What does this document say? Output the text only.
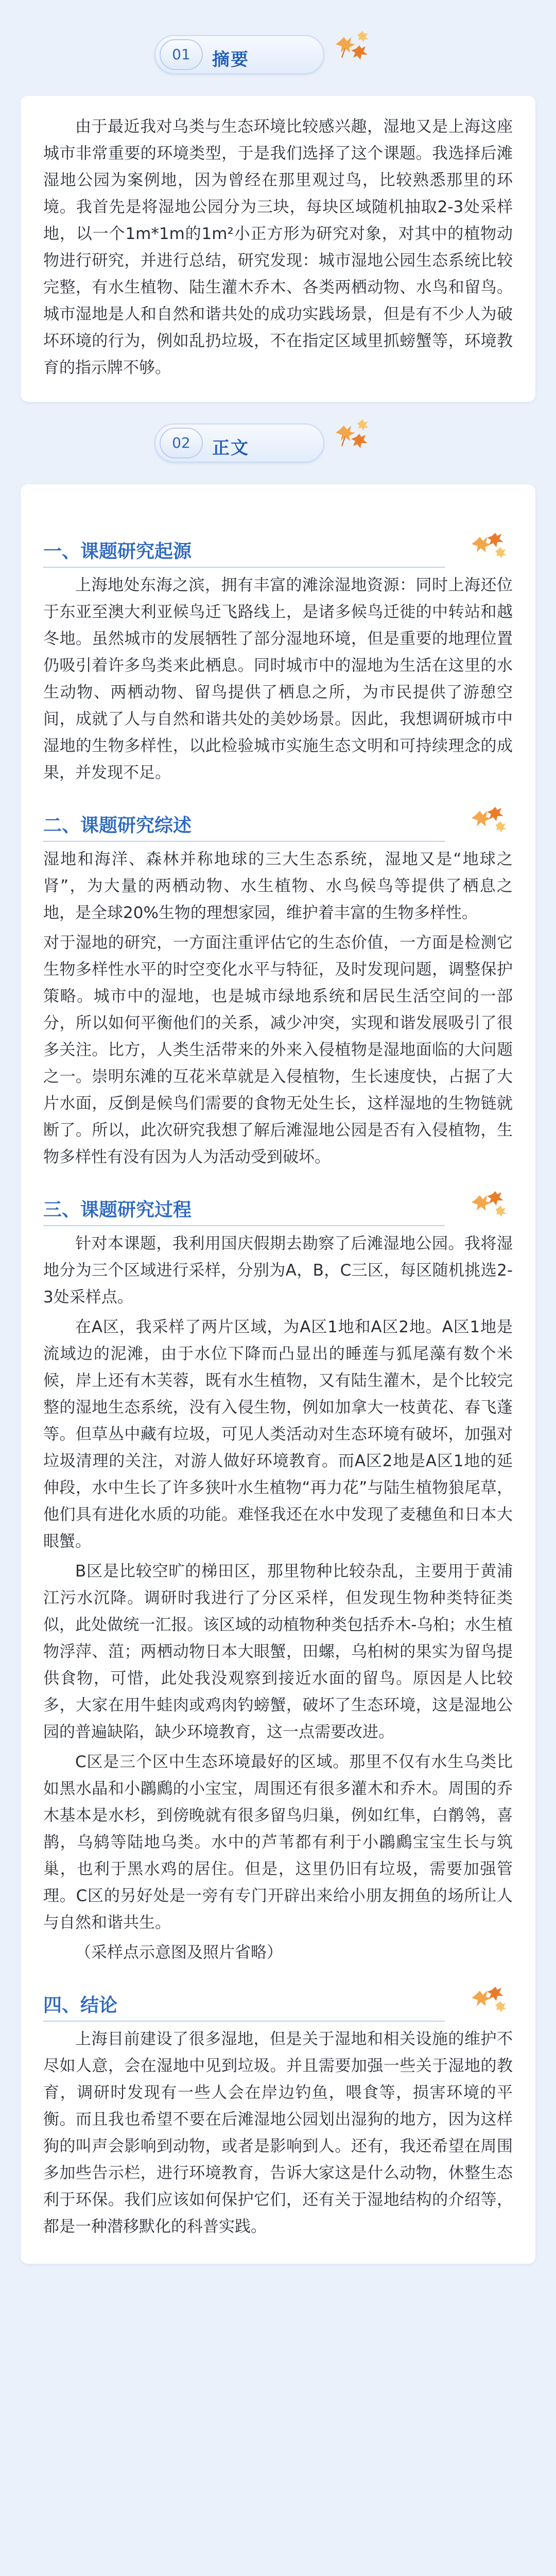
01	摘要

由于最近我对乌类与生态环境比较感兴趣，湿地又是上海这座城市非常重要的环境类型，于是我们选择了这个课题。我选择后滩湿地公园为案例地，因为曾经在那里观过鸟，比较熟悉那里的环境。我首先是将湿地公园分为三块，每块区域随机抽取2-3处采样地，以一个1m*1m的1m²小正方形为研究对象，对其中的植物动物进行研究，并进行总结，研究发现：城市湿地公园生态系统比较完整，有水生植物、陆生灌木乔木、各类两栖动物、水鸟和留鸟。城市湿地是人和自然和谐共处的成功实践场景，但是有不少人为破坏环境的行为，例如乱扔垃圾，不在指定区域里抓螃蟹等，环境教育的指示牌不够。

02	正文
一、课题研究起源

上海地处东海之滨，拥有丰富的滩涂湿地资源：同时上海还位于东亚至澳大利亚候鸟迁飞路线上，是诸多候鸟迁徙的中转站和越冬地。虽然城市的发展牺牲了部分湿地环境，但是重要的地理位置仍吸引着许多鸟类来此栖息。同时城市中的湿地为生活在这里的水生动物、两栖动物、留鸟提供了栖息之所，为市民提供了游憩空间，成就了人与自然和谐共处的美妙场景。因此，我想调研城市中湿地的生物多样性，以此检验城市实施生态文明和可持续理念的成果，并发现不足。

二、课题研究综述

湿地和海洋、森林并称地球的三大生态系统，湿地又是“地球之肾”，为大量的两栖动物、水生植物、水鸟候鸟等提供了栖息之地，是全球20%生物的理想家园，维护着丰富的生物多样性。

对于湿地的研究，一方面注重评估它的生态价值，一方面是检测它生物多样性水平的时空变化水平与特征，及时发现问题，调整保护策略。城市中的湿地，也是城市绿地系统和居民生活空间的一部分，所以如何平衡他们的关系，减少冲突，实现和谐发展吸引了很多关注。比方，人类生活带来的外来入侵植物是湿地面临的大问题之一。崇明东滩的互花米草就是入侵植物，生长速度快，占据了大片水面，反倒是候鸟们需要的食物无处生长，这样湿地的生物链就断了。所以，此次研究我想了解后滩湿地公园是否有入侵植物，生物多样性有没有因为人为活动受到破坏。

三、课题研究过程

针对本课题，我利用国庆假期去勘察了后滩湿地公园。我将湿地分为三个区域进行采样，分别为A，B，C三区，每区随机挑选2-3处采样点。

在A区，我采样了两片区域，为A区1地和A区2地。A区1地是流域边的泥滩，由于水位下降而凸显出的睡莲与狐尾藻有数个米候，岸上还有木芙蓉，既有水生植物，又有陆生灌木，是个比较完整的湿地生态系统，没有入侵生物，例如加拿大一枝黄花、春飞蓬等。但草丛中藏有垃圾，可见人类活动对生态环境有破坏，加强对垃圾清理的关注，对游人做好环境教育。而A区2地是A区1地的延伸段，水中生长了许多狭叶水生植物“再力花”与陆生植物狼尾草，他们具有进化水质的功能。难怪我还在水中发现了麦穗鱼和日本大眼蟹。

B区是比较空旷的梯田区，那里物种比较杂乱，主要用于黄浦江污水沉降。调研时我进行了分区采样，但发现生物种类特征类似，此处做统一汇报。该区域的动植物种类包括乔木-乌桕；水生植物浮萍、菹；两栖动物日本大眼蟹，田螺，乌桕树的果实为留鸟提供食物，可惜，此处我没观察到接近水面的留鸟。原因是人比较多，大家在用牛蛙肉或鸡肉钓螃蟹，破坏了生态环境，这是湿地公园的普遍缺陷，缺少环境教育，这一点需要改进。

C区是三个区中生态环境最好的区域。那里不仅有水生乌类比如黑水晶和小鸊鷉的小宝宝，周围还有很多灌木和乔木。周围的乔木基本是水杉，到傍晚就有很多留鸟归巢，例如红隼，白鹡鸰，喜鹊，乌鸫等陆地乌类。水中的芦苇都有利于小鸊鷉宝宝生长与筑巢，也利于黑水鸡的居住。但是，这里仍旧有垃圾，需要加强管理。C区的另好处是一旁有专门开辟出来给小朋友拥鱼的场所让人与自然和谐共生。

（采样点示意图及照片省略）

四、结论

上海目前建设了很多湿地，但是关于湿地和相关设施的维护不尽如人意，会在湿地中见到垃圾。并且需要加强一些关于湿地的教育，调研时发现有一些人会在岸边钓鱼，喂食等，损害环境的平衡。而且我也希望不要在后滩湿地公园划出湿狗的地方，因为这样狗的叫声会影响到动物，或者是影响到人。还有，我还希望在周围多加些告示栏，进行环境教育，告诉大家这是什么动物，休整生态利于环保。我们应该如何保护它们，还有关于湿地结构的介绍等，都是一种潜移默化的科普实践。
